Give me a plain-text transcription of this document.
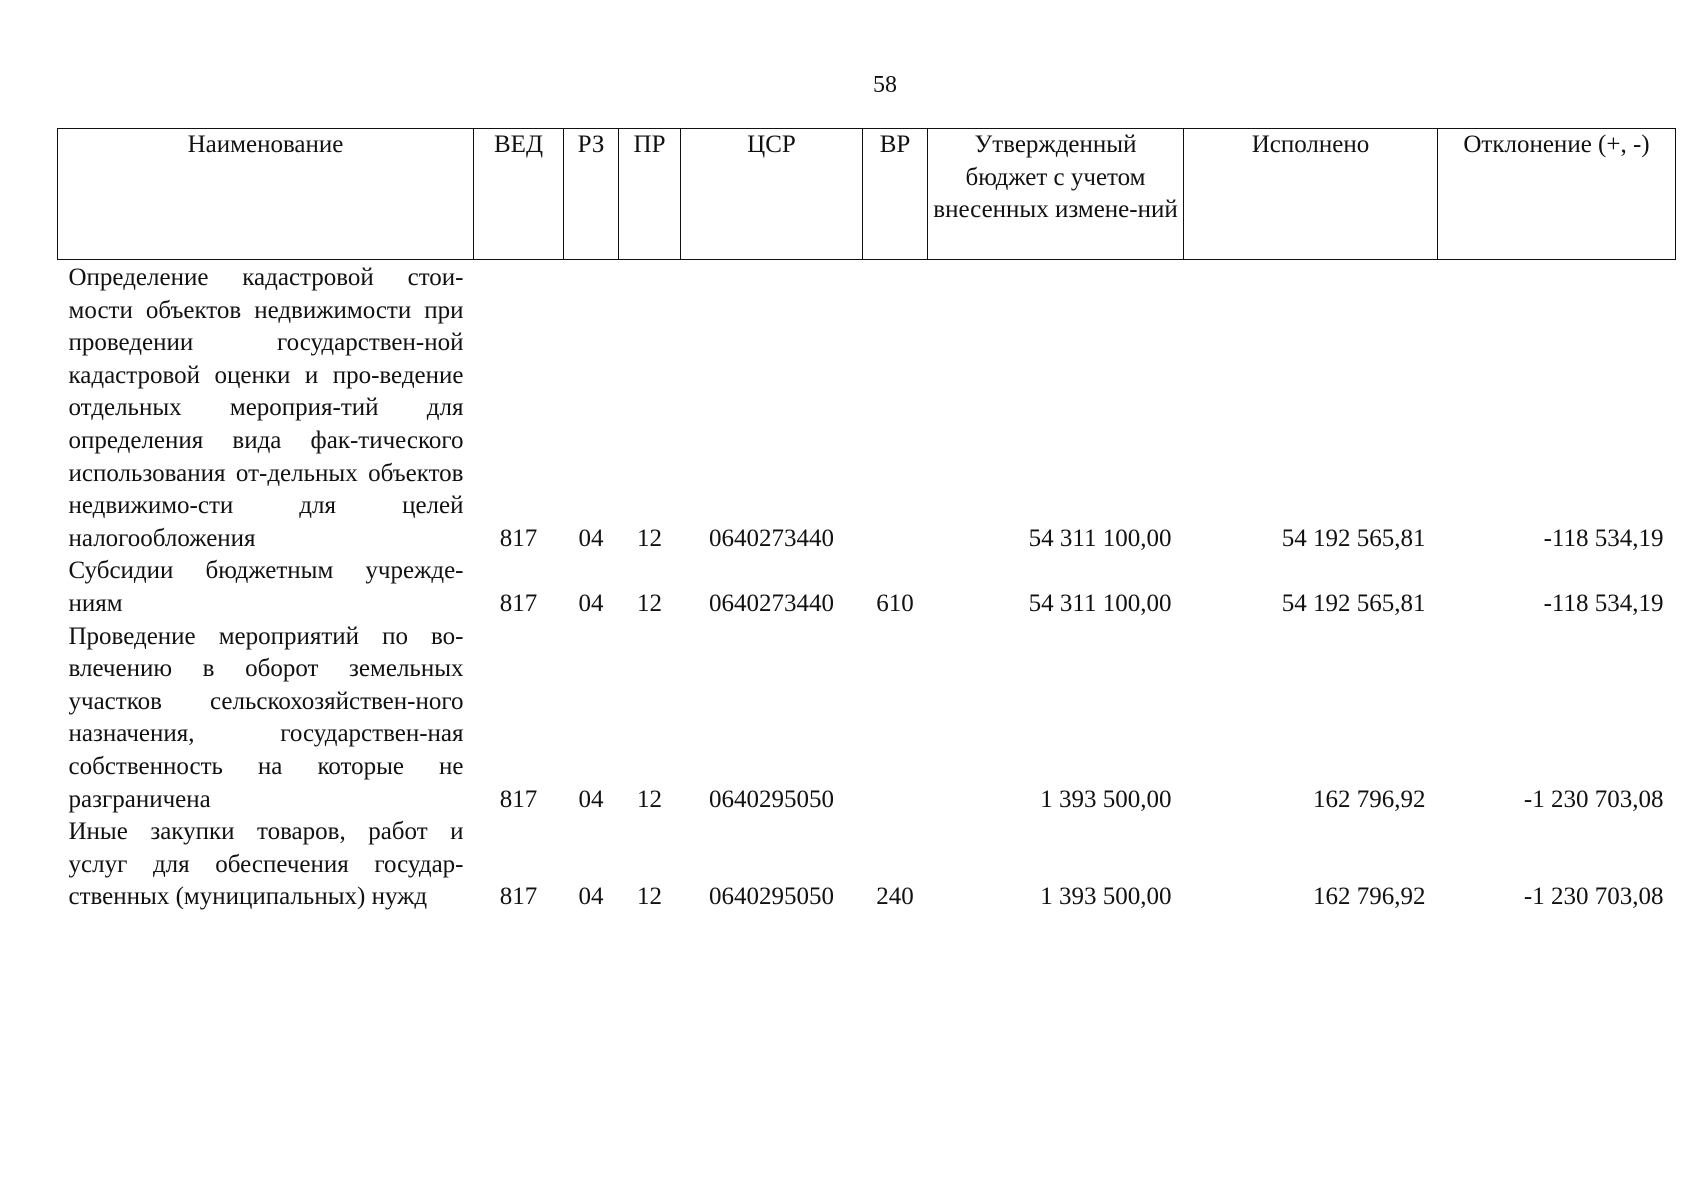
58
Наименование	ВЕД	РЗ	ПР	ЦСР	ВР	Утвержденный бюджет с учетом внесенных измене-ний	Исполнено	Отклонение (+, -)
Определение кадастровой стои-мости объектов недвижимости при проведении государствен-ной кадастровой оценки и про-ведение отдельных мероприя-тий для определения вида фак-тического использования от-дельных объектов недвижимо-сти для целей налогообложения	817	04	12	0640273440		54 311 100,00	54 192 565,81	-118 534,19
Субсидии бюджетным учрежде-ниям	817	04	12	0640273440	610	54 311 100,00	54 192 565,81	-118 534,19
Проведение мероприятий по во-влечению в оборот земельных участков сельскохозяйствен-ного назначения, государствен-ная собственность на которые не разграничена	817	04	12	0640295050		1 393 500,00	162 796,92	-1 230 703,08
Иные закупки товаров, работ и услуг для обеспечения государ-ственных (муниципальных) нужд	817	04	12	0640295050	240	1 393 500,00	162 796,92	-1 230 703,08
